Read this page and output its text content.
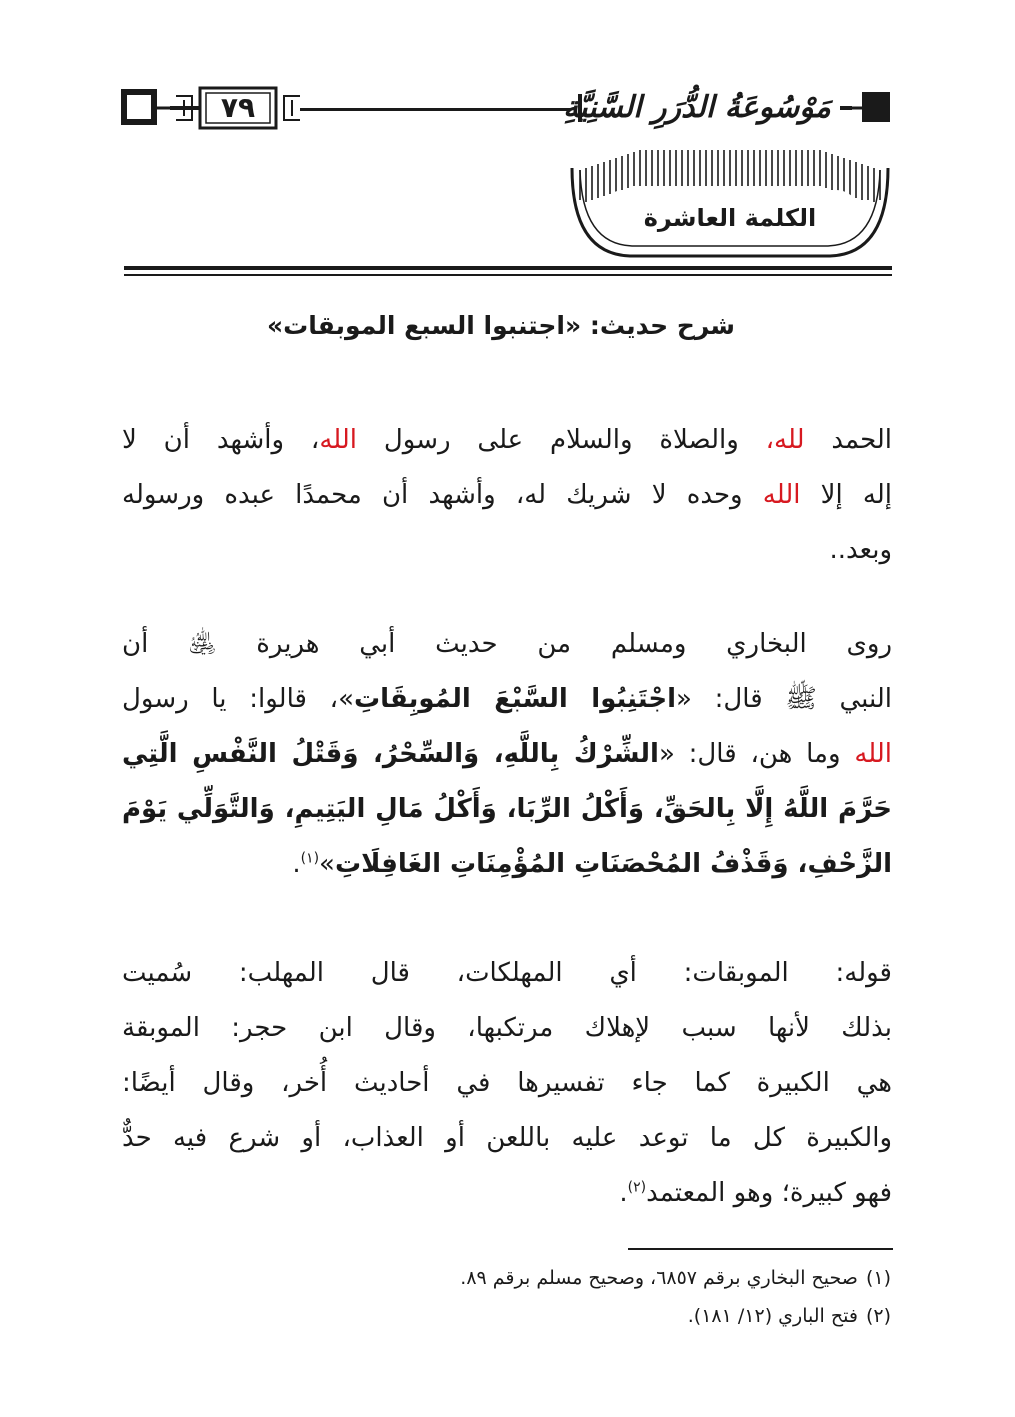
٧٩	مَوْسُوعَةُ الدُّرَرِ السَّنِيَّةِ
الكلمة العاشرة
شرح حديث: «اجتنبوا السبع الموبقات»
الحمد لله، والصلاة والسلام على رسول الله، وأشهد أن لا
إله إلا الله وحده لا شريك له، وأشهد أن محمدًا عبده ورسوله
وبعد..
روى البخاري ومسلم من حديث أبي هريرة ﵁ أن
النبي ﷺ قال: «اجْتَنِبُوا السَّبْعَ المُوبِقَاتِ»، قالوا: يا رسول
الله وما هن، قال: «الشِّرْكُ بِاللَّهِ، وَالسِّحْرُ، وَقَتْلُ النَّفْسِ الَّتِي
حَرَّمَ اللَّهُ إِلَّا بِالحَقِّ، وَأَكْلُ الرِّبَا، وَأَكْلُ مَالِ اليَتِيمِ، وَالتَّوَلِّي يَوْمَ
الزَّحْفِ، وَقَذْفُ المُحْصَنَاتِ المُؤْمِنَاتِ الغَافِلَاتِ»$^{(١)}$.
قوله: الموبقات: أي المهلكات، قال المهلب: سُميت
بذلك لأنها سبب لإهلاك مرتكبها، وقال ابن حجر: الموبقة
هي الكبيرة كما جاء تفسيرها في أحاديث أُخر، وقال أيضًا:
والكبيرة كل ما توعد عليه باللعن أو العذاب، أو شرع فيه حدٌّ
فهو كبيرة؛ وهو المعتمد$^{(٢)}$.
(١)صحيح البخاري برقم ٦٨٥٧، وصحيح مسلم برقم ٨٩.
(٢)فتح الباري (١٢/ ١٨١).
